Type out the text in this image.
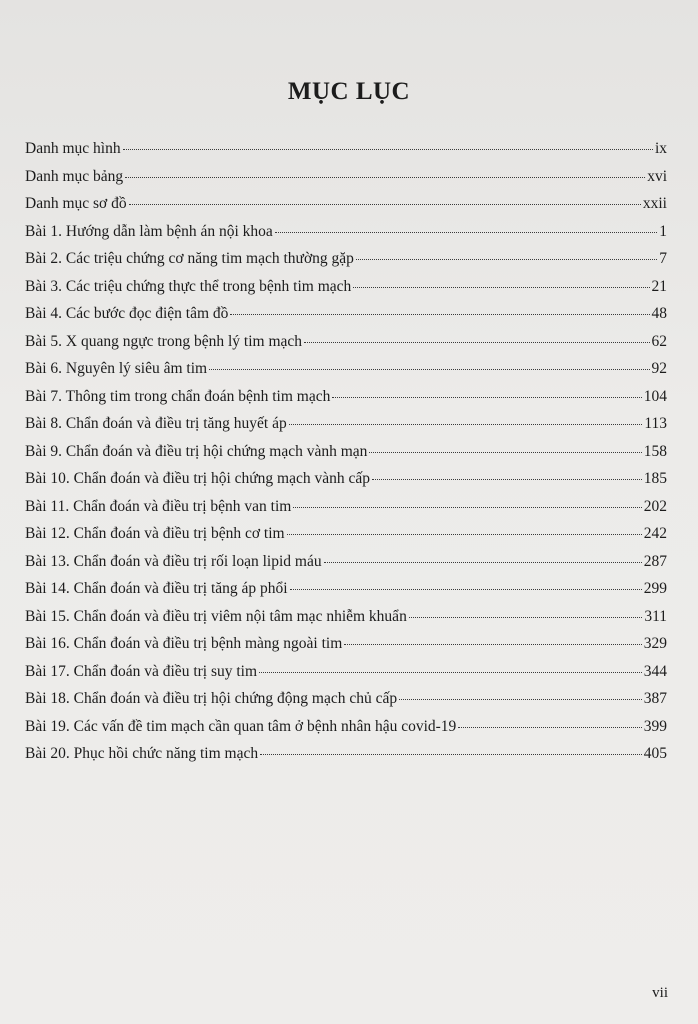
MỤC LỤC
Danh mục hình	ix
Danh mục bảng	xvi
Danh mục sơ đồ	xxii
Bài 1. Hướng dẫn làm bệnh án nội khoa	1
Bài 2. Các triệu chứng cơ năng tim mạch thường gặp	7
Bài 3. Các triệu chứng thực thể trong bệnh tim mạch	21
Bài 4. Các bước đọc điện tâm đồ	48
Bài 5. X quang ngực trong bệnh lý tim mạch	62
Bài 6. Nguyên lý siêu âm tim	92
Bài 7. Thông tim trong chẩn đoán bệnh tim mạch	104
Bài 8. Chẩn đoán và điều trị tăng huyết áp	113
Bài 9. Chẩn đoán và điều trị hội chứng mạch vành mạn	158
Bài 10. Chẩn đoán và điều trị hội chứng mạch vành cấp	185
Bài 11. Chẩn đoán và điều trị bệnh van tim	202
Bài 12. Chẩn đoán và điều trị bệnh cơ tim	242
Bài 13. Chẩn đoán và điều trị rối loạn lipid máu	287
Bài 14. Chẩn đoán và điều trị tăng áp phổi	299
Bài 15. Chẩn đoán và điều trị viêm nội tâm mạc nhiễm khuẩn	311
Bài 16. Chẩn đoán và điều trị bệnh màng ngoài tim	329
Bài 17. Chẩn đoán và điều trị suy tim	344
Bài 18. Chẩn đoán và điều trị hội chứng động mạch chủ cấp	387
Bài 19. Các vấn đề tim mạch cần quan tâm ở bệnh nhân hậu covid-19	399
Bài 20. Phục hồi chức năng tim mạch	405
vii
